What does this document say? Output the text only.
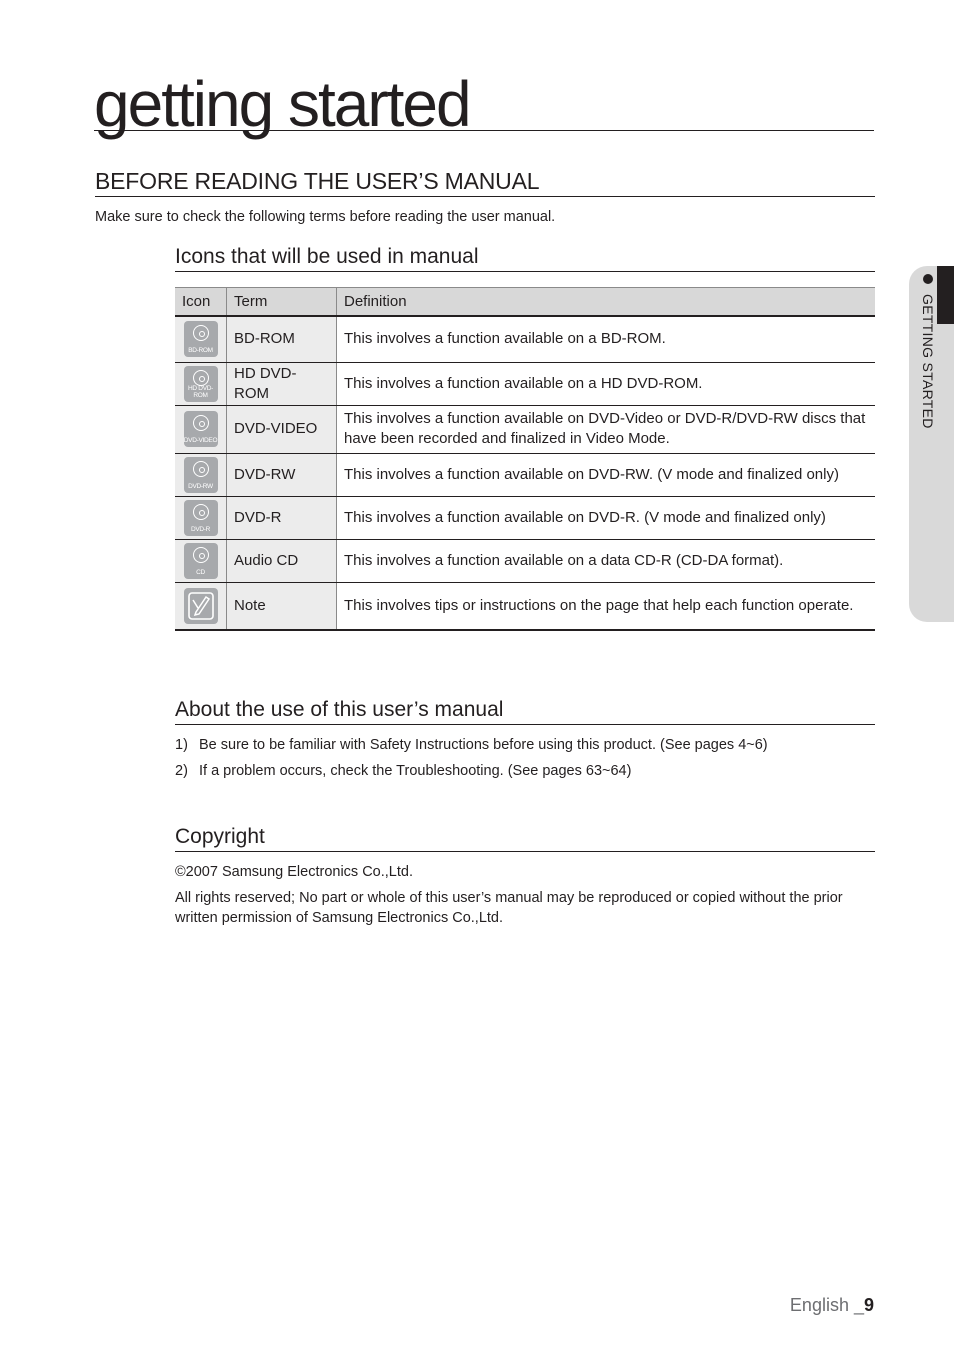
getting started
BEFORE READING THE USER’S MANUAL
Make sure to check the following terms before reading the user manual.
Icons that will be used in manual
Icon	Term	Definition

BD-ROM	BD-ROM	This involves a function available on a BD-ROM.

HD DVD-ROM	HD DVD-ROM	This involves a function available on a HD DVD-ROM.

DVD-VIDEO	DVD-VIDEO	This involves a function available on DVD-Video or DVD-R/DVD-RW discs that have been recorded and finalized in Video Mode.

DVD-RW	DVD-RW	This involves a function available on DVD-RW. (V mode and finalized only)

DVD-R	DVD-R	This involves a function available on DVD-R. (V mode and finalized only)

CD	Audio CD	This involves a function available on a data CD-R (CD-DA format).
	Note	This involves tips or instructions on the page that help each function operate.
About the use of this user’s manual
1) Be sure to be familiar with Safety Instructions before using this product. (See pages 4~6)
2) If a problem occurs, check the Troubleshooting. (See pages 63~64)
Copyright
©2007 Samsung Electronics Co.,Ltd.
All rights reserved; No part or whole of this user’s manual may be reproduced or copied without the prior written permission of Samsung Electronics Co.,Ltd.
GETTING STARTED
English _9
